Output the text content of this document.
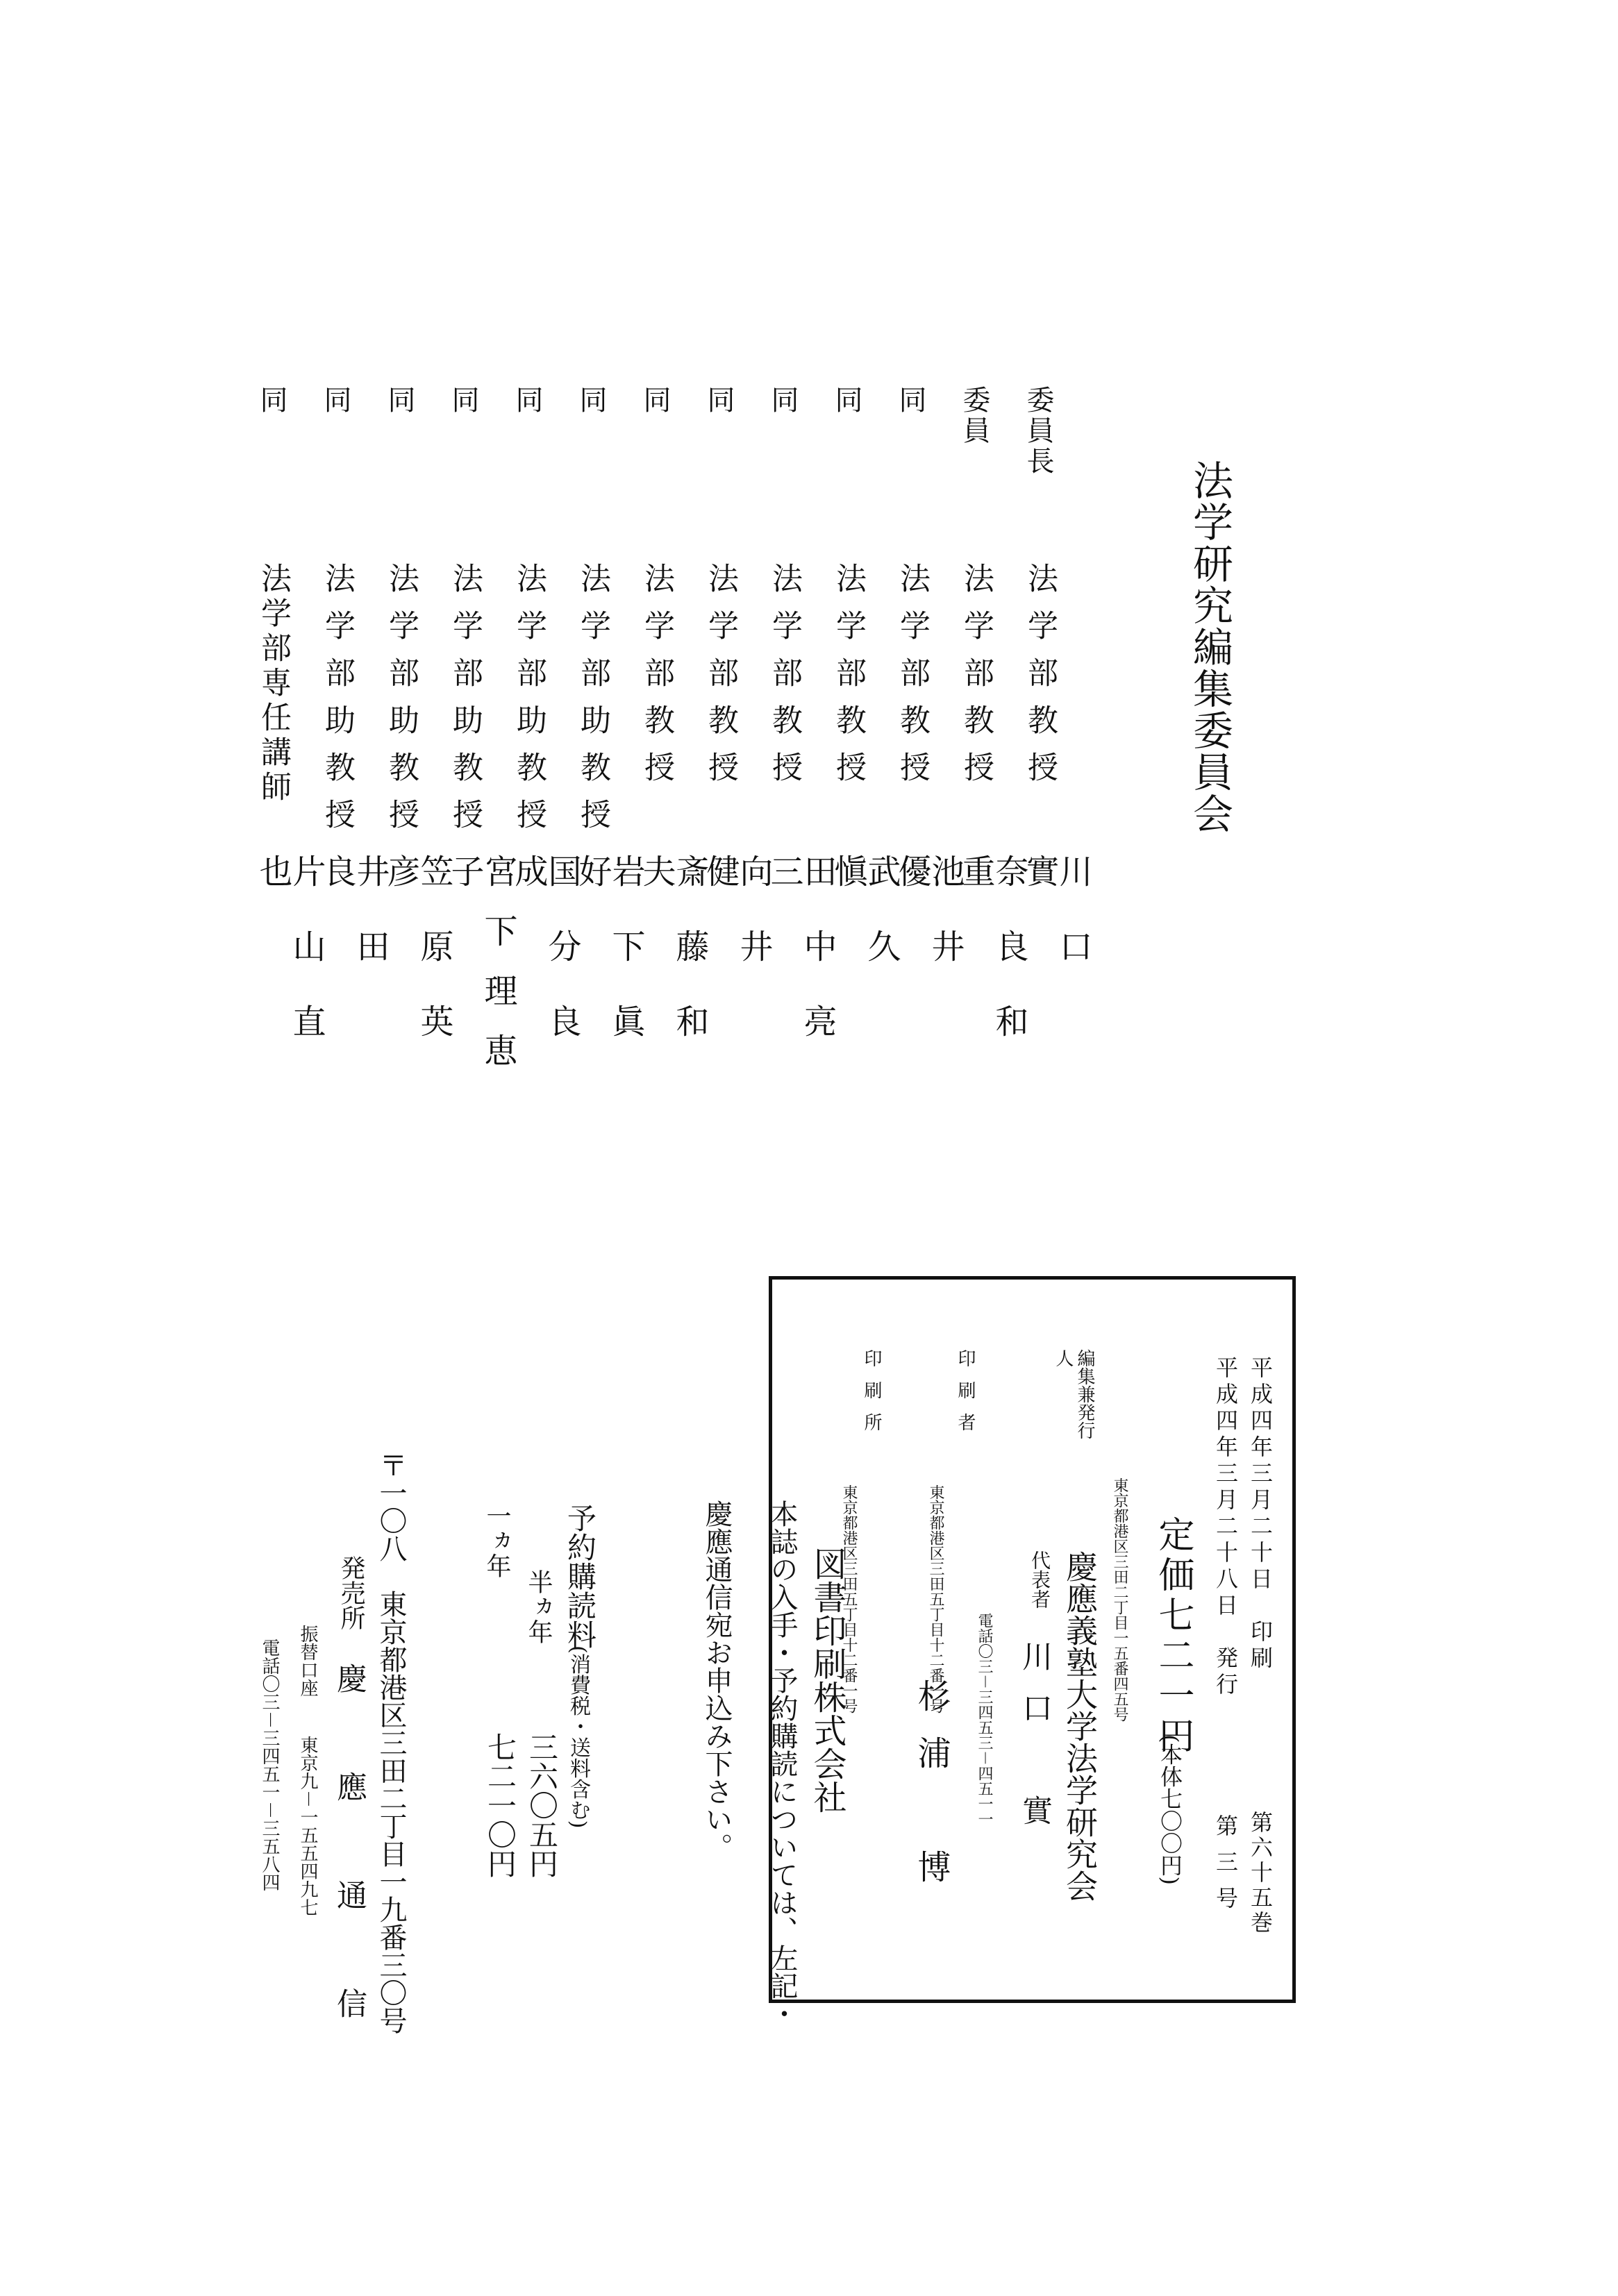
法学研究編集委員会
委員長
法学部教授
川口　實
委員
法学部教授
奈良和重
同
法学部教授
池井　優
同
法学部教授
武久　愼
同
法学部教授
田中亮三
同
法学部教授
向井　健
同
法学部教授
斎藤和夫
同
法学部助教授
岩下眞好
同
法学部助教授
国分良成
同
法学部助教授
宮下理恵子
同
法学部助教授
笠原英彦
同
法学部助教授
井田　良
同
法学部専任講師
片山直也
平成四年三月二十日　印刷
第六十五巻
平成四年三月二十八日　発行
第三号
定価七二一円
(本体七〇〇円)
東京都港区三田二丁目一五番四五号
編集兼発行人
慶應義塾大学法学研究会
代表者
川口　實
電話〇三－三四五三－四五一一
印刷者
東京都港区三田五丁目十二番一号
杉浦　博
印刷所
東京都港区三田五丁目十二番一号
図書印刷株式会社
本誌の入手・予約購読については、左記・慶應通信宛お申込み下さい。
予約購読料
(消費税・送料含む)
半ヵ年
三六〇五円
一ヵ年
七二一〇円
〒一〇八　東京都港区三田二丁目一九番三〇号
発売所
慶　應　通　信
振替口座
東京九－一五五四九七
電話〇三－三四五一－三五八四
